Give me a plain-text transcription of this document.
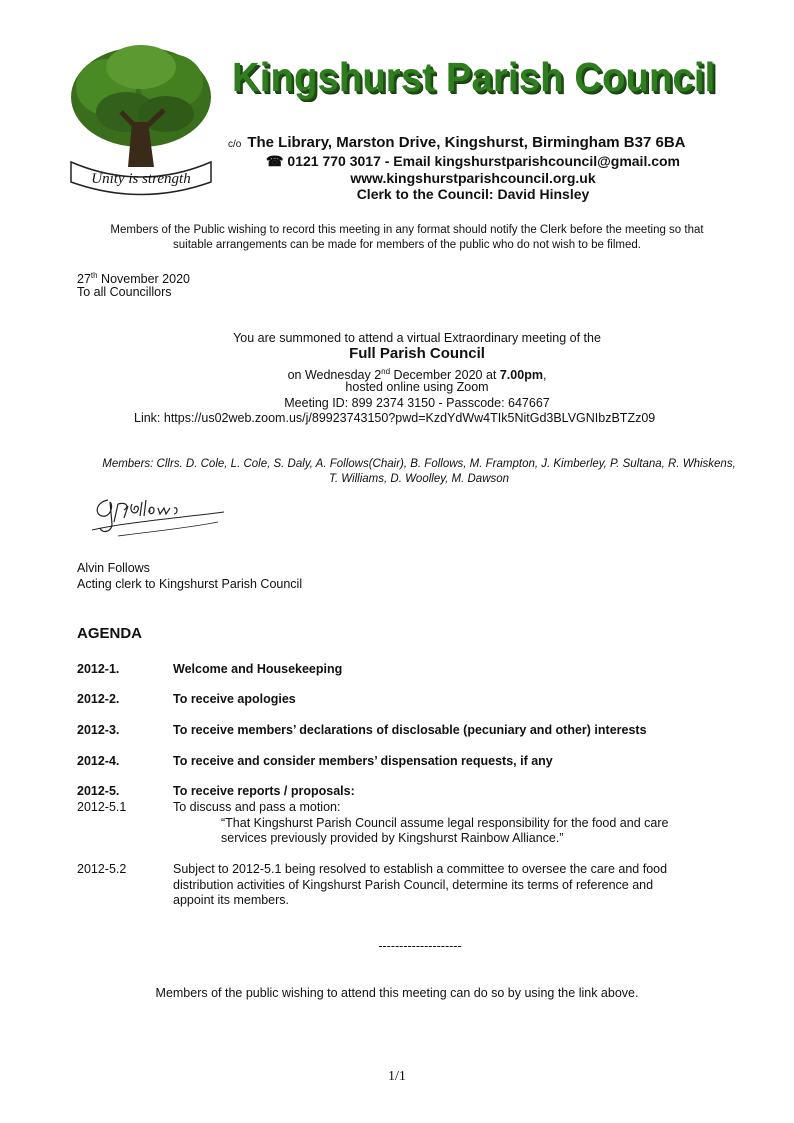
Unity is strength
Kingshurst Parish Council
c/o The Library, Marston Drive, Kingshurst, Birmingham B37 6BA
☎ 0121 770 3017 - Email kingshurstparishcouncil@gmail.com
www.kingshurstparishcouncil.org.uk
Clerk to the Council: David Hinsley
Members of the Public wishing to record this meeting in any format should notify the Clerk before the meeting so that
suitable arrangements can be made for members of the public who do not wish to be filmed.
27th November 2020
To all Councillors
You are summoned to attend a virtual Extraordinary meeting of the
Full Parish Council
on Wednesday 2nd December 2020 at 7.00pm,
hosted online using Zoom
Meeting ID: 899 2374 3150 - Passcode: 647667
Link: https://us02web.zoom.us/j/89923743150?pwd=KzdYdWw4TIk5NitGd3BLVGNIbzBTZz09
Members: Cllrs. D. Cole, L. Cole, S. Daly, A. Follows(Chair), B. Follows, M. Frampton, J. Kimberley, P. Sultana, R. Whiskens,
T. Williams, D. Woolley, M. Dawson
Alvin Follows
Acting clerk to Kingshurst Parish Council
AGENDA
2012-1.	Welcome and Housekeeping
2012-2.	To receive apologies
2012-3.	To receive members’ declarations of disclosable (pecuniary and other) interests
2012-4.	To receive and consider members’ dispensation requests, if any
2012-5.	To receive reports / proposals:
2012-5.1	To discuss and pass a motion:
“That Kingshurst Parish Council assume legal responsibility for the food and care
services previously provided by Kingshurst Rainbow Alliance.”
2012-5.2	Subject to 2012-5.1 being resolved to establish a committee to oversee the care and food
distribution activities of Kingshurst Parish Council, determine its terms of reference and
appoint its members.
--------------------
Members of the public wishing to attend this meeting can do so by using the link above.
1/1
